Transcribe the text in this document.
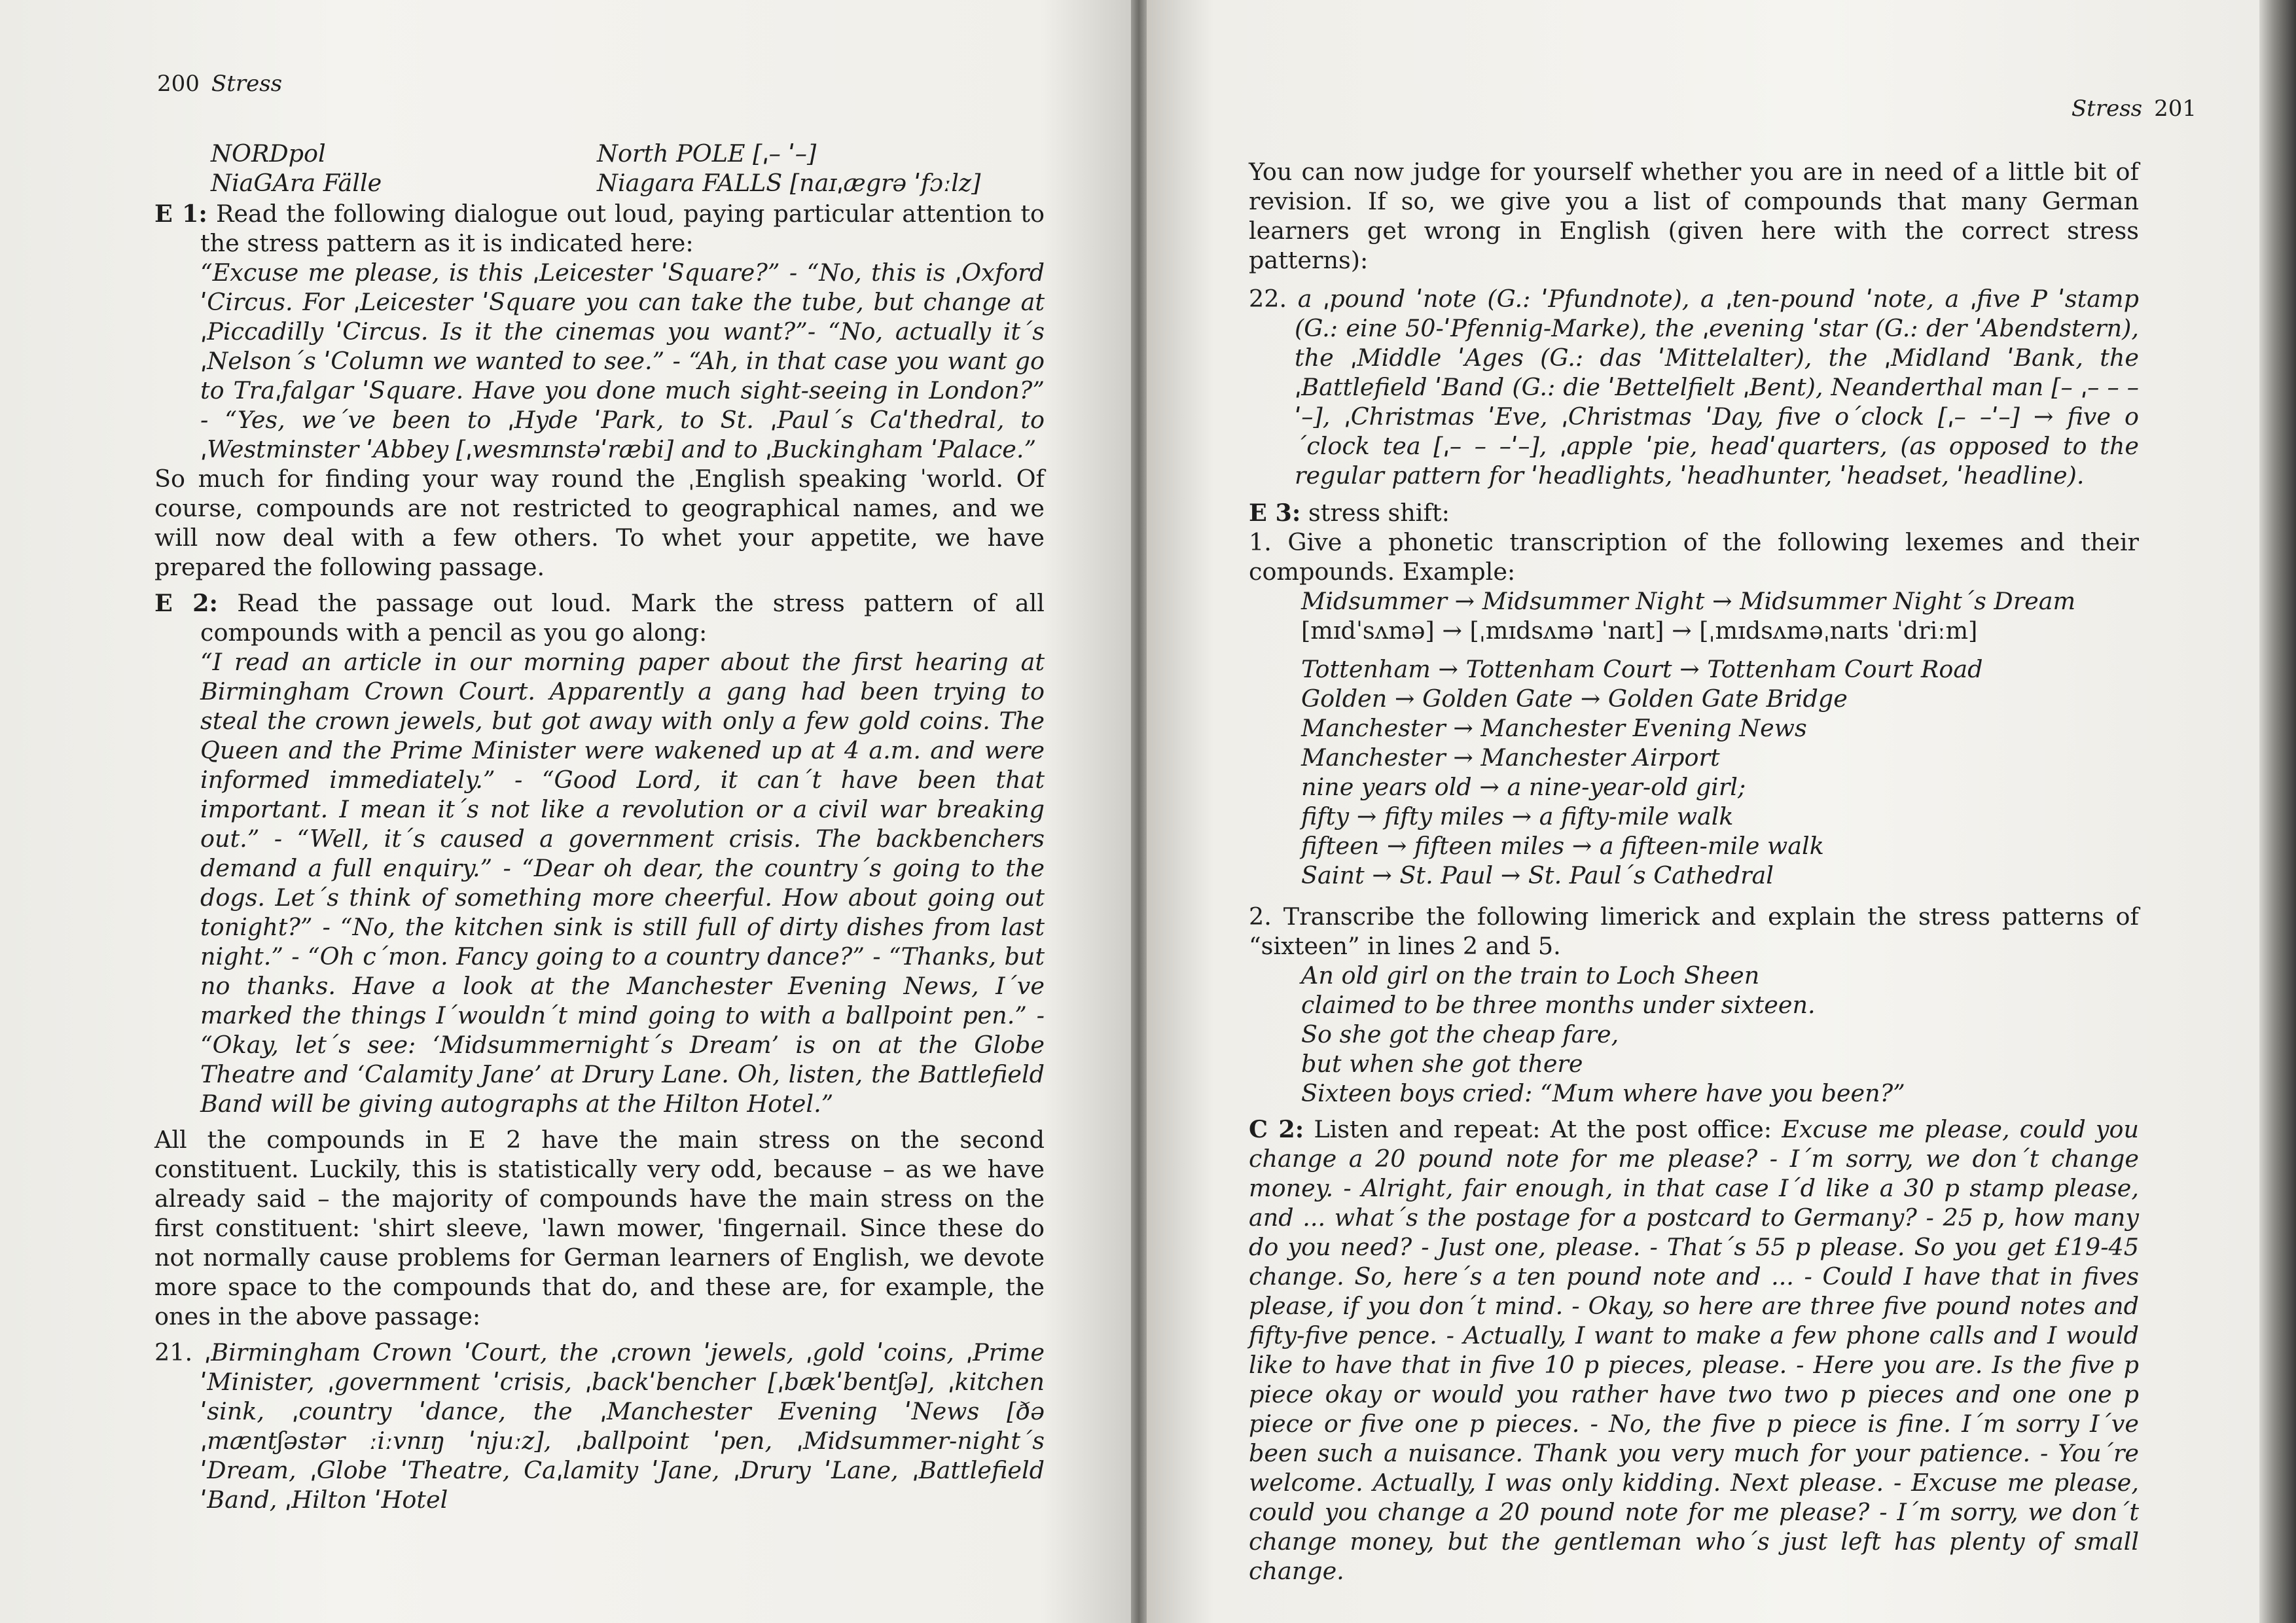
200 Stress
NORDpol	North POLE [ˌ– ˈ–]
NiaGAra Fälle	Niagara FALLS [naɪˌægrə ˈfɔːlz]

E 1: Read the following dialogue out loud, paying particular attention to the stress pattern as it is indicated here:

“Excuse me please, is this ˌLeicester ˈSquare?” - “No, this is ˌOxford ˈCircus. For ˌLeicester ˈSquare you can take the tube, but change at ˌPiccadilly ˈCircus. Is it the cinemas you want?”- “No, actually it´s ˌNelson´s ˈColumn we wanted to see.” - “Ah, in that case you want go to Traˌfalgar ˈSquare. Have you done much sight-seeing in London?” - “Yes, we´ve been to ˌHyde ˈPark, to St. ˌPaul´s Caˈthedral, to ˌWestminster ˈAbbey [ˌwesmɪnstəˈræbi] and to ˌBuckingham ˈPalace.”

So much for finding your way round the ˌEnglish speaking ˈworld. Of course, compounds are not restricted to geographical names, and we will now deal with a few others. To whet your appetite, we have prepared the following passage.

E 2: Read the passage out loud. Mark the stress pattern of all compounds with a pencil as you go along:

“I read an article in our morning paper about the first hearing at Birmingham Crown Court. Apparently a gang had been trying to steal the crown jewels, but got away with only a few gold coins. The Queen and the Prime Minister were wakened up at 4 a.m. and were informed immediately.” - “Good Lord, it can´t have been that important. I mean it´s not like a revolution or a civil war breaking out.” - “Well, it´s caused a government crisis. The backbenchers demand a full enquiry.” - “Dear oh dear, the country´s going to the dogs. Let´s think of something more cheerful. How about going out tonight?” - “No, the kitchen sink is still full of dirty dishes from last night.” - “Oh c´mon. Fancy going to a country dance?” - “Thanks, but no thanks. Have a look at the Manchester Evening News, I´ve marked the things I´wouldn´t mind going to with a ballpoint pen.” - “Okay, let´s see: ‘Midsummernight´s Dream’ is on at the Globe Theatre and ‘Calamity Jane’ at Drury Lane. Oh, listen, the Battlefield Band will be giving autographs at the Hilton Hotel.”

All the compounds in E 2 have the main stress on the second constituent. Luckily, this is statistically very odd, because – as we have already said – the majority of compounds have the main stress on the first constituent: ˈshirt sleeve, ˈlawn mower, ˈfingernail. Since these do not normally cause problems for German learners of English, we devote more space to the compounds that do, and these are, for example, the ones in the above passage:

21. ˌBirmingham Crown ˈCourt, the ˌcrown ˈjewels, ˌgold ˈcoins, ˌPrime ˈMinister, ˌgovernment ˈcrisis, ˌbackˈbencher [ˌbækˈbentʃə], ˌkitchen ˈsink, ˌcountry ˈdance, the ˌManchester Evening ˈNews [ðə ˌmæntʃəstər ːiːvnɪŋ ˈnjuːz], ˌballpoint ˈpen, ˌMidsummer-night´s ˈDream, ˌGlobe ˈTheatre, Caˌlamity ˈJane, ˌDrury ˈLane, ˌBattlefield ˈBand, ˌHilton ˈHotel

Stress 201

You can now judge for yourself whether you are in need of a little bit of revision. If so, we give you a list of compounds that many German learners get wrong in English (given here with the correct stress patterns):

22. a ˌpound ˈnote (G.: ˈPfundnote), a ˌten-pound ˈnote, a ˌfive P ˈstamp (G.: eine 50-ˈPfennig-Marke), the ˌevening ˈstar (G.: der ˈAbendstern), the ˌMiddle ˈAges (G.: das ˈMittelalter), the ˌMidland ˈBank, the ˌBattlefield ˈBand (G.: die ˈBettelfielt ˌBent), Neanderthal man [– ˌ– – – ˈ–], ˌChristmas ˈEve, ˌChristmas ˈDay, five o´clock [ˌ– –ˈ–] → five o´clock tea [ˌ– – –ˈ–], ˌapple ˈpie, headˈquarters, (as opposed to the regular pattern for ˈheadlights, ˈheadhunter, ˈheadset, ˈheadline).

E 3: stress shift:

1. Give a phonetic transcription of the following lexemes and their compounds. Example:

Midsummer → Midsummer Night → Midsummer Night´s Dream
[mɪdˈsʌmə] → [ˌmɪdsʌmə ˈnaɪt] → [ˌmɪdsʌməˌnaɪts ˈdriːm]
Tottenham → Tottenham Court → Tottenham Court Road
Golden → Golden Gate → Golden Gate Bridge
Manchester → Manchester Evening News
Manchester → Manchester Airport
nine years old → a nine-year-old girl;
fifty → fifty miles → a fifty-mile walk
fifteen → fifteen miles → a fifteen-mile walk
Saint → St. Paul → St. Paul´s Cathedral

2. Transcribe the following limerick and explain the stress patterns of “sixteen” in lines 2 and 5.

An old girl on the train to Loch Sheen
claimed to be three months under sixteen.
So she got the cheap fare,
but when she got there
Sixteen boys cried: “Mum where have you been?”

C 2: Listen and repeat: At the post office: Excuse me please, could you change a 20 pound note for me please? - I´m sorry, we don´t change money. - Alright, fair enough, in that case I´d like a 30 p stamp please, and ... what´s the postage for a postcard to Germany? - 25 p, how many do you need? - Just one, please. - That´s 55 p please. So you get £19-45 change. So, here´s a ten pound note and ... - Could I have that in fives please, if you don´t mind. - Okay, so here are three five pound notes and fifty-five pence. - Actually, I want to make a few phone calls and I would like to have that in five 10 p pieces, please. - Here you are. Is the five p piece okay or would you rather have two two p pieces and one one p piece or five one p pieces. - No, the five p piece is fine. I´m sorry I´ve been such a nuisance. Thank you very much for your patience. - You´re welcome. Actually, I was only kidding. Next please. - Excuse me please, could you change a 20 pound note for me please? - I´m sorry, we don´t change money, but the gentleman who´s just left has plenty of small change.
